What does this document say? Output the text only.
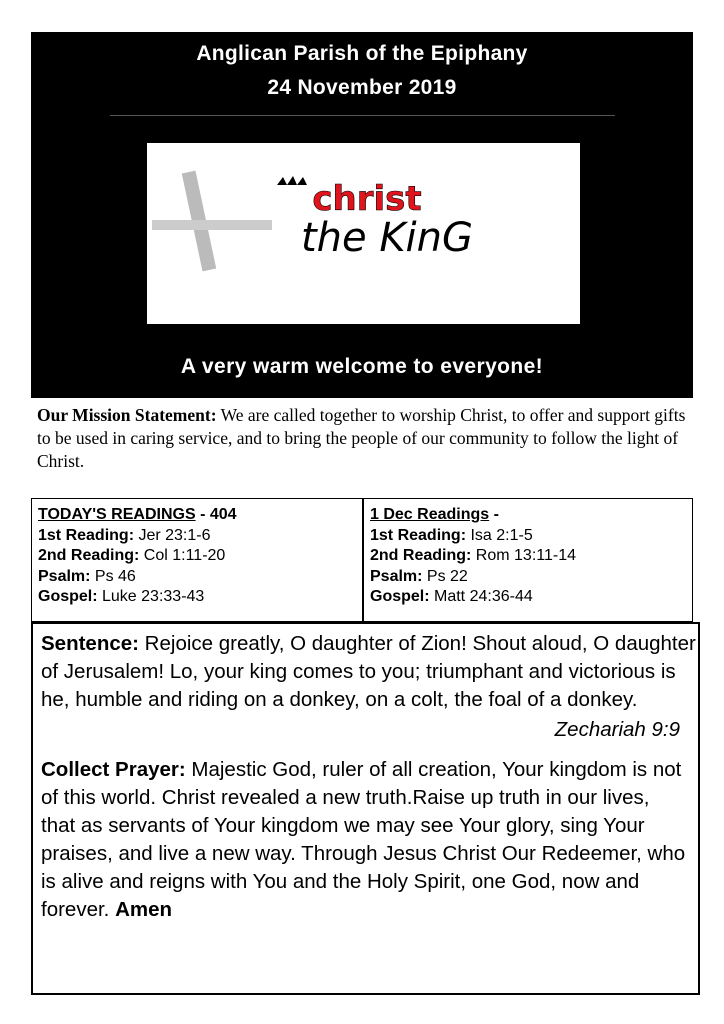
Anglican Parish of the Epiphany
24 November 2019
christ
the KinG
A very warm welcome to everyone!
Our Mission Statement: We are called together to worship Christ, to offer and support gifts to be used in caring service, and to bring the people of our community to follow the light of Christ.
TODAY'S READINGS - 404
1st Reading: Jer 23:1-6
2nd Reading: Col 1:11-20
Psalm: Ps 46
Gospel: Luke 23:33-43
1 Dec Readings -
1st Reading: Isa 2:1-5
2nd Reading: Rom 13:11-14
Psalm: Ps 22
Gospel: Matt 24:36-44

Sentence: Rejoice greatly, O daughter of Zion! Shout aloud, O daughter of Jerusalem! Lo, your king comes to you; triumphant and victorious is he, humble and riding on a donkey, on a colt, the foal of a donkey.

Zechariah 9:9

Collect Prayer: Majestic God, ruler of all creation, Your kingdom is not of this world. Christ revealed a new truth.Raise up truth in our lives, that as servants of Your kingdom we may see Your glory, sing Your praises, and live a new way. Through Jesus Christ Our Redeemer, who is alive and reigns with You and the Holy Spirit, one God, now and forever. Amen
